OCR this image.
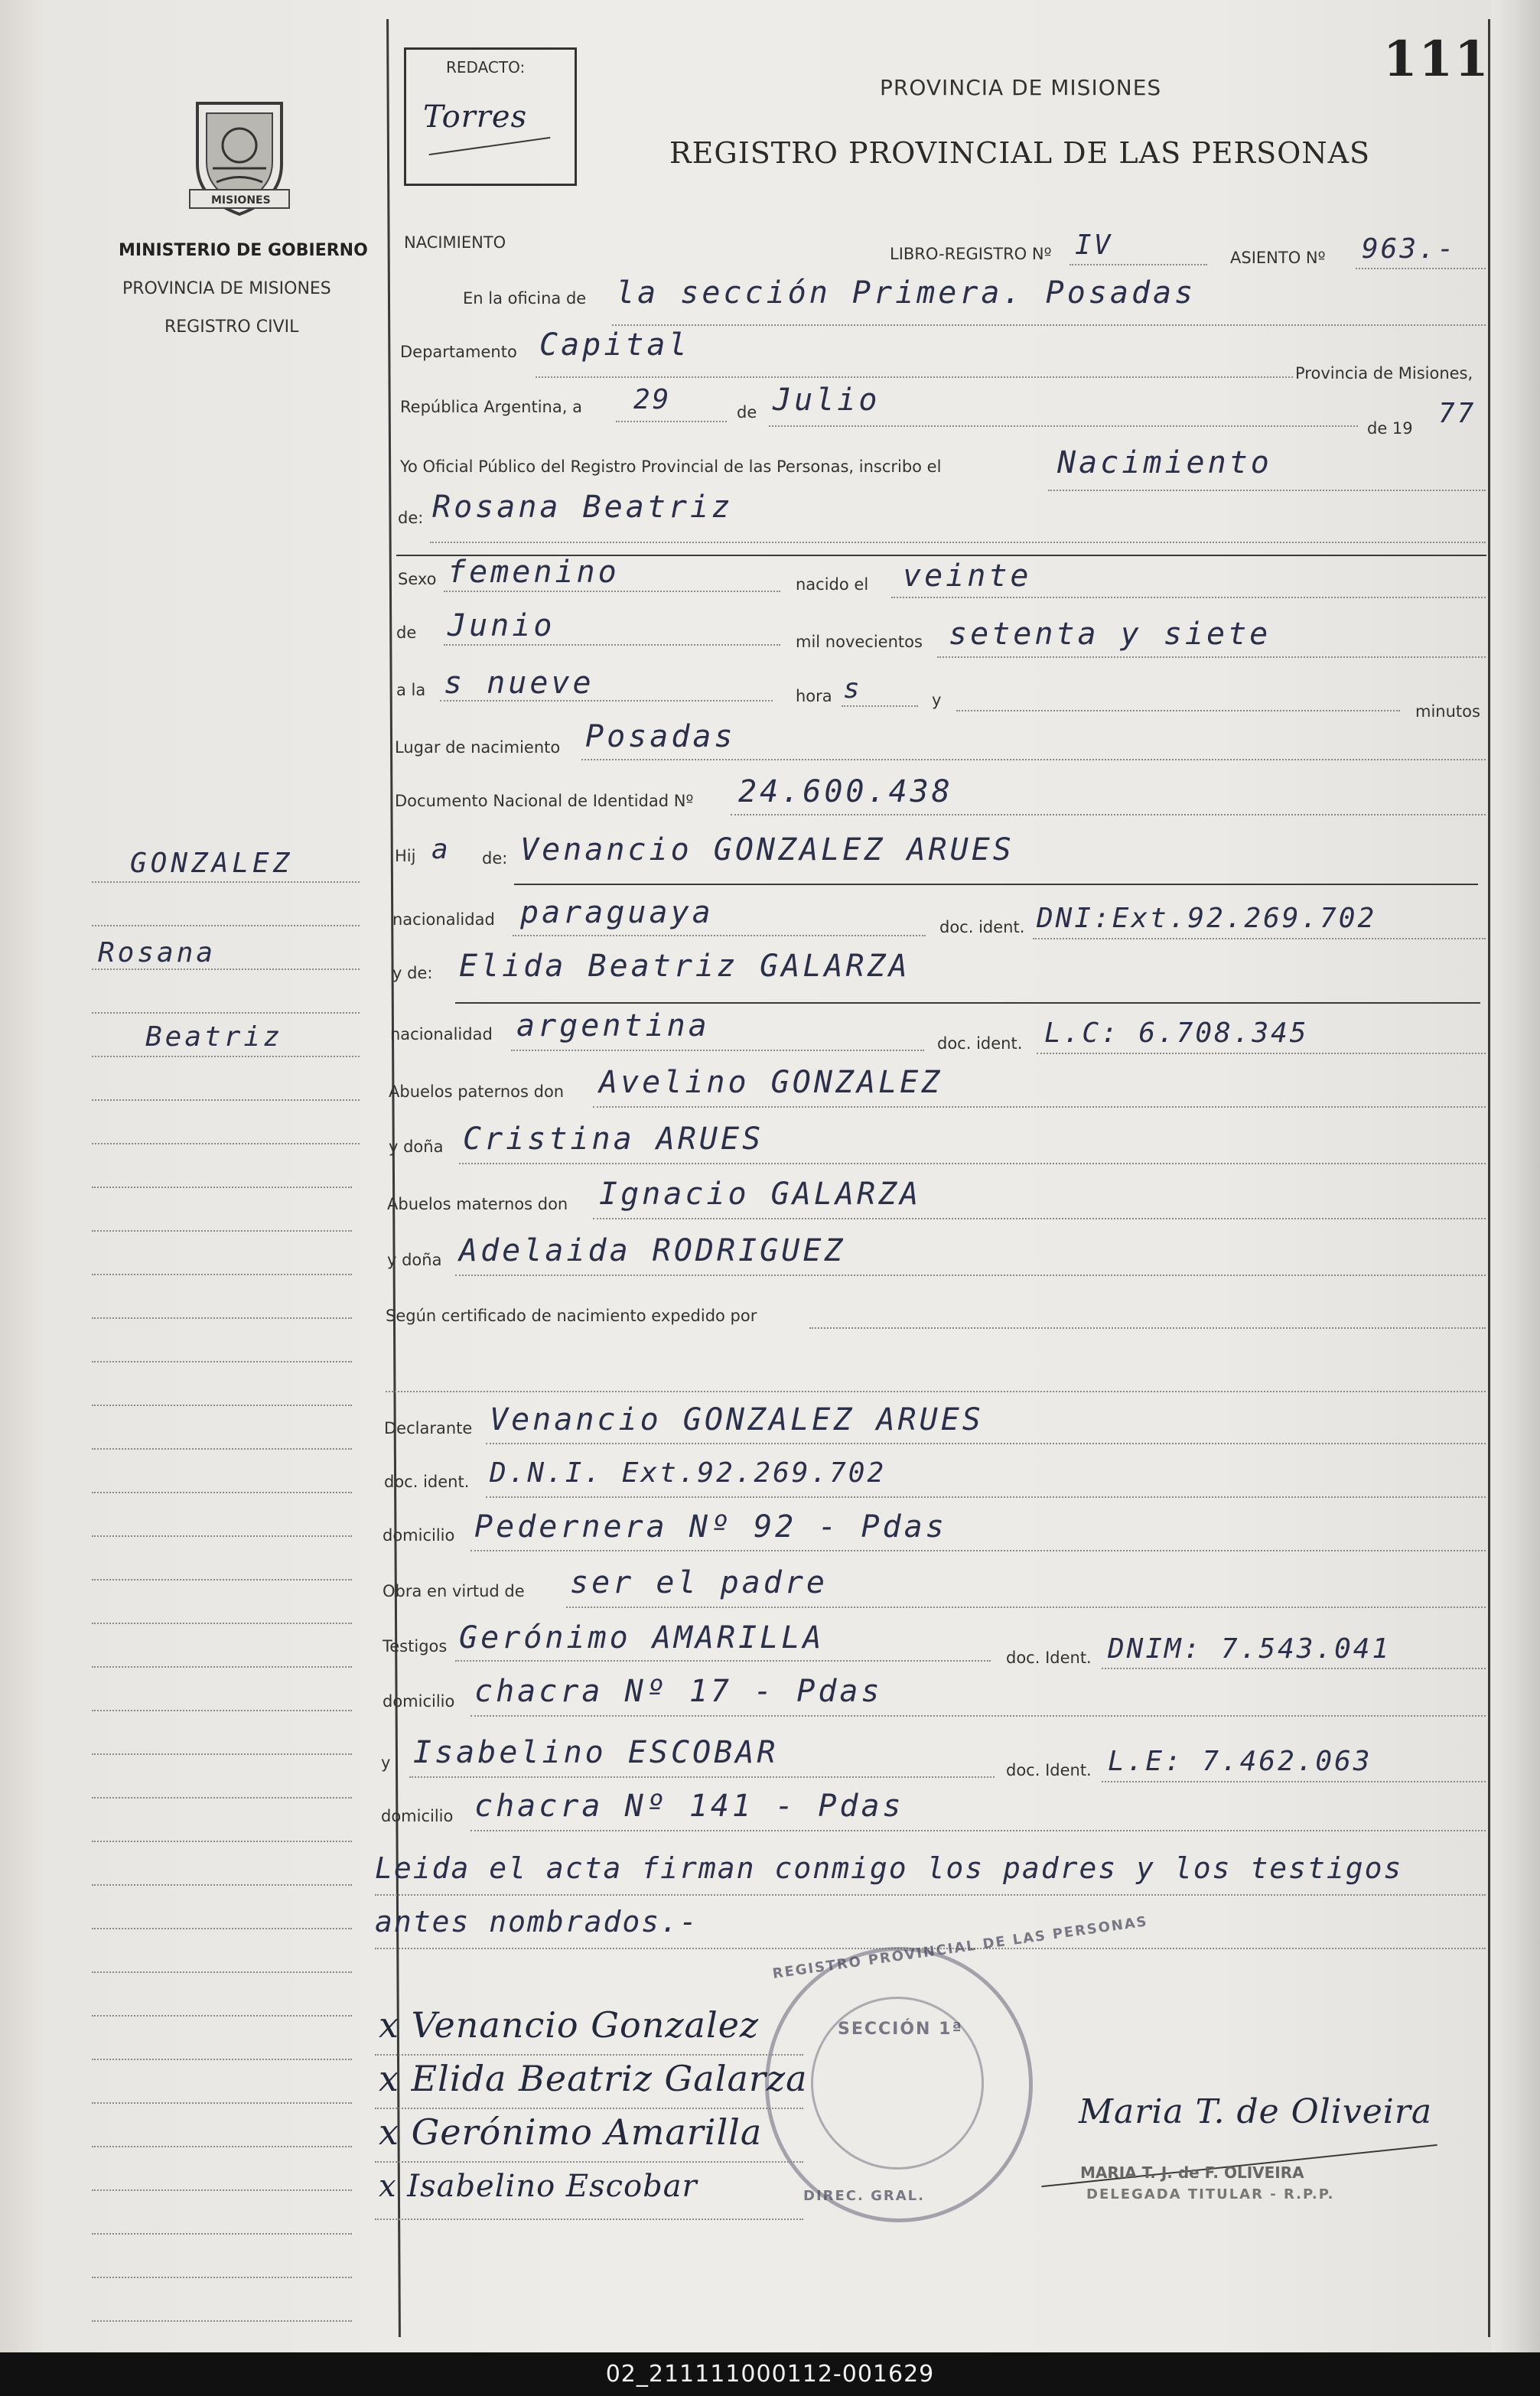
111
REDACTO:
Torres
PROVINCIA DE MISIONES
REGISTRO PROVINCIAL DE LAS PERSONAS
MISIONES
MINISTERIO DE GOBIERNO
PROVINCIA DE MISIONES
REGISTRO CIVIL
NACIMIENTO
LIBRO-REGISTRO Nº IV	ASIENTO Nº 963.-
En la oficina de la sección Primera. Posadas
Departamento Capital
Provincia de Misiones,
República Argentina, a 29	de Julio
de 19 77
Yo Oficial Público del Registro Provincial de las Personas, inscribo el	Nacimiento
de: Rosana Beatriz
Sexo femenino	nacido el veinte
de Junio	mil novecientos setenta y siete
a la s nueve	hora s	y
minutos
Lugar de nacimiento Posadas
Documento Nacional de Identidad Nº 24.600.438
Hij a de: Venancio GONZALEZ ARUES
nacionalidad paraguaya	doc. ident. DNI:Ext.92.269.702
y de: Elida Beatriz GALARZA
nacionalidad argentina	doc. ident. L.C: 6.708.345
Abuelos paternos don Avelino GONZALEZ
y doña Cristina ARUES
Abuelos maternos don Ignacio GALARZA
y doña Adelaida RODRIGUEZ
Según certificado de nacimiento expedido por
Declarante Venancio GONZALEZ ARUES
doc. ident. D.N.I. Ext.92.269.702
domicilio Pedernera Nº 92 - Pdas
Obra en virtud de ser el padre
Testigos Gerónimo AMARILLA
doc. Ident. DNIM: 7.543.041
domicilio chacra Nº 17 - Pdas
y Isabelino ESCOBAR	doc. Ident. L.E: 7.462.063
domicilio chacra Nº 141 - Pdas
Leida el acta firman conmigo los padres y los testigos
antes nombrados.-
GONZALEZ
Rosana
Beatriz
REGISTRO PROVINCIAL DE LAS PERSONAS
SECCIÓN 1ª
DIREC. GRAL.
x Venancio Gonzalez
x Elida Beatriz Galarza
x Gerónimo Amarilla
x Isabelino Escobar
Maria T. de Oliveira
MARIA T. J. de F. OLIVEIRA
DELEGADA TITULAR - R.P.P.
02_211111000112-001629
